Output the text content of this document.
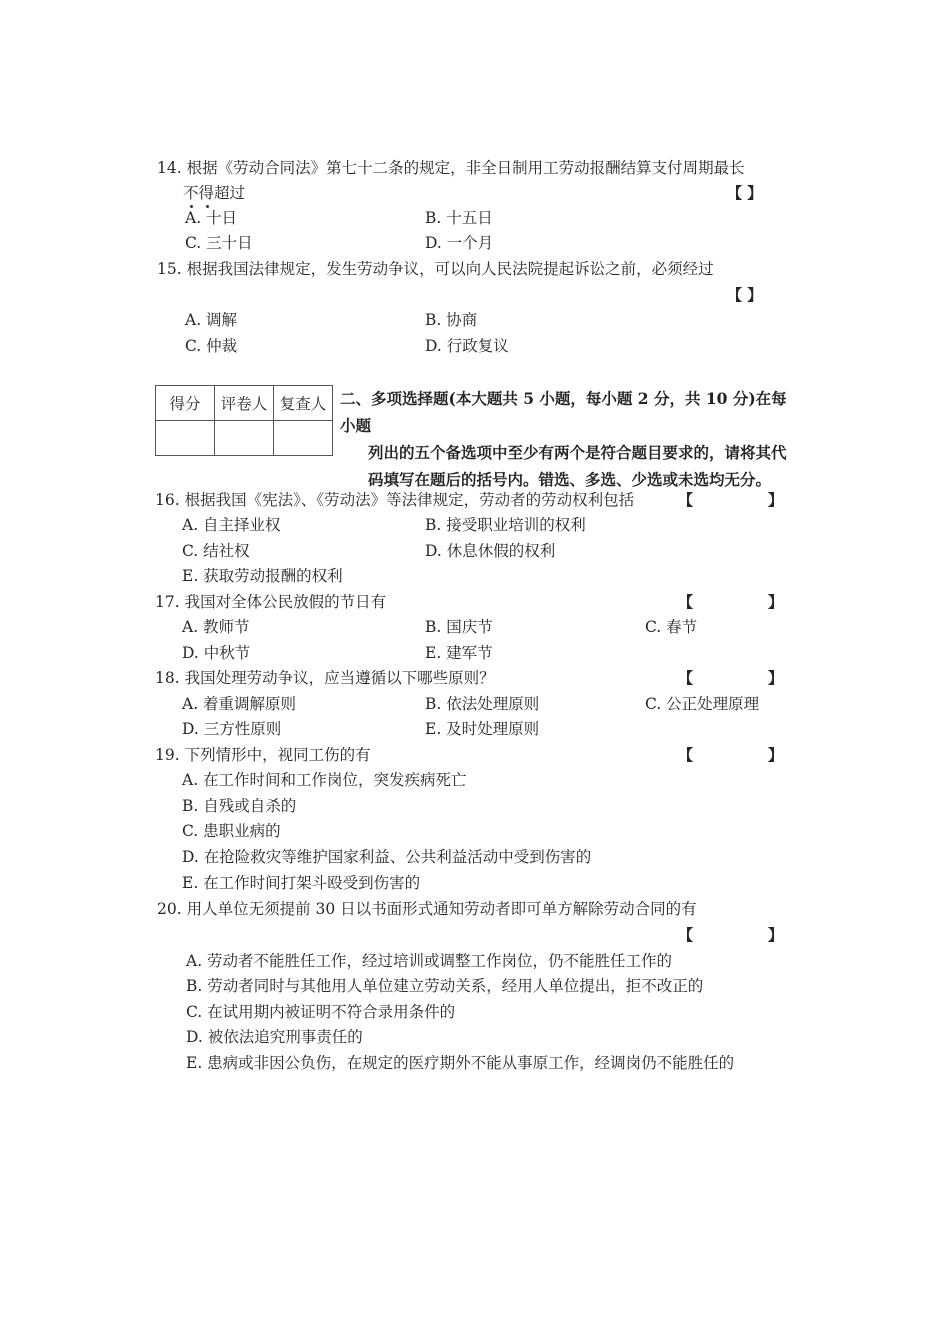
14. 根据《劳动合同法》第七十二条的规定，非全日制用工劳动报酬结算支付周期最长
不得超过	【 】
A. 十日	B. 十五日
C. 三十日	D. 一个月
15. 根据我国法律规定，发生劳动争议，可以向人民法院提起诉讼之前，必须经过
【 】
A. 调解	B. 协商
C. 仲裁	D. 行政复议
得分	评卷人	复查人
		二、多项选择题(本大题共 5 小题，每小题 2 分，共 10 分)在每小题
列出的五个备选项中至少有两个是符合题目要求的，请将其代
码填写在题后的括号内。错选、多选、少选或未选均无分。
16. 根据我国《宪法》、《劳动法》等法律规定，劳动者的劳动权利包括	【	】
A. 自主择业权	B. 接受职业培训的权利
C. 结社权	D. 休息休假的权利
E. 获取劳动报酬的权利
17. 我国对全体公民放假的节日有	【	】
A. 教师节	B. 国庆节	C. 春节
D. 中秋节	E. 建军节
18. 我国处理劳动争议，应当遵循以下哪些原则？	【	】
A. 着重调解原则	B. 依法处理原则	C. 公正处理原理
D. 三方性原则	E. 及时处理原则
19. 下列情形中，视同工伤的有	【	】
A. 在工作时间和工作岗位，突发疾病死亡
B. 自残或自杀的
C. 患职业病的
D. 在抢险救灾等维护国家利益、公共利益活动中受到伤害的
E. 在工作时间打架斗殴受到伤害的
20. 用人单位无须提前 30 日以书面形式通知劳动者即可单方解除劳动合同的有
【	】
A. 劳动者不能胜任工作，经过培训或调整工作岗位，仍不能胜任工作的
B. 劳动者同时与其他用人单位建立劳动关系，经用人单位提出，拒不改正的
C. 在试用期内被证明不符合录用条件的
D. 被依法追究刑事责任的
E. 患病或非因公负伤，在规定的医疗期外不能从事原工作，经调岗仍不能胜任的
